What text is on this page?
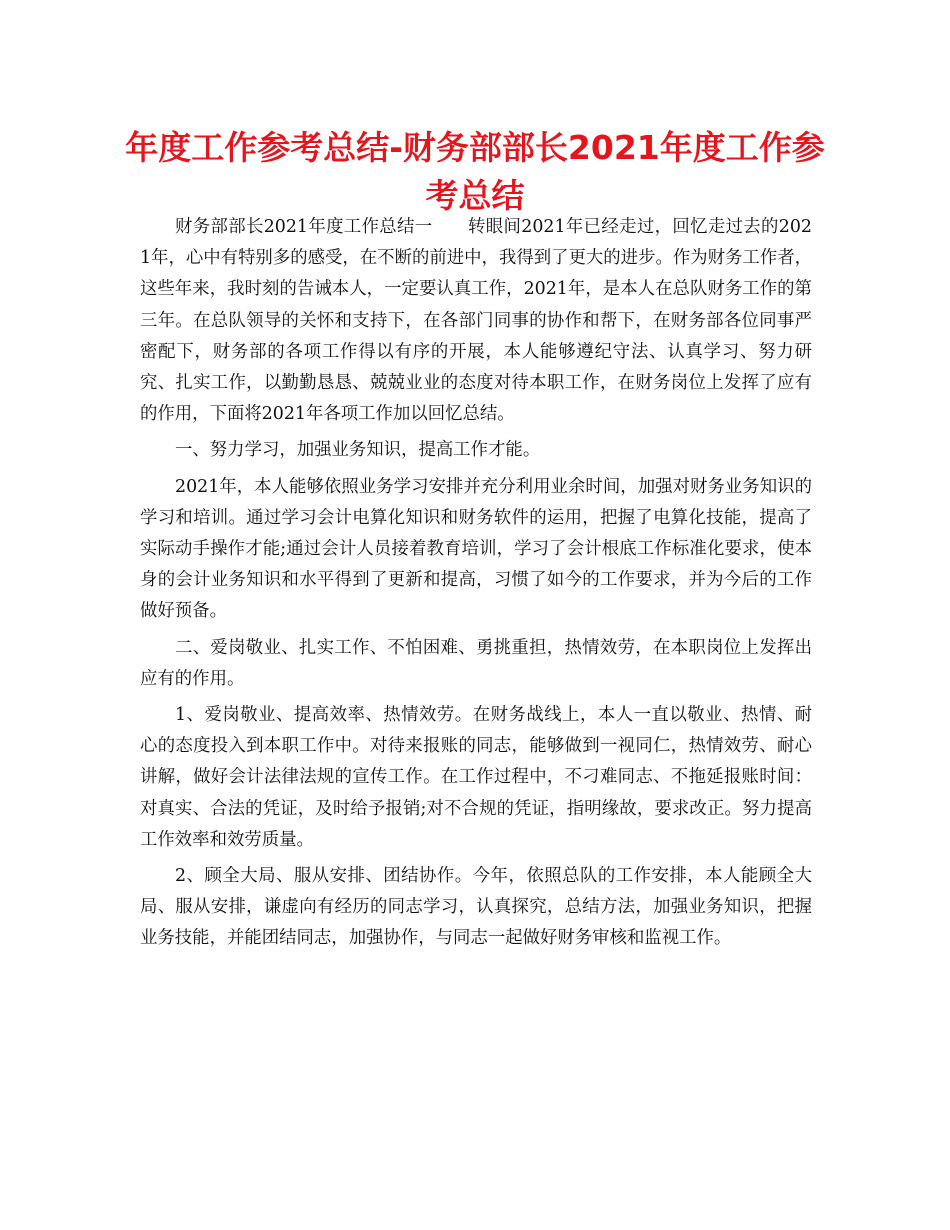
年度工作参考总结-财务部部长2021年度工作参考总结

财务部部长2021年度工作总结一　　转眼间2021年已经走过，回忆走过去的2021年，心中有特别多的感受，在不断的前进中，我得到了更大的进步。作为财务工作者，这些年来，我时刻的告诫本人，一定要认真工作，2021年，是本人在总队财务工作的第三年。在总队领导的关怀和支持下，在各部门同事的协作和帮下，在财务部各位同事严密配下，财务部的各项工作得以有序的开展，本人能够遵纪守法、认真学习、努力研究、扎实工作，以勤勤恳恳、兢兢业业的态度对待本职工作，在财务岗位上发挥了应有的作用，下面将2021年各项工作加以回忆总结。

一、努力学习，加强业务知识，提高工作才能。

2021年，本人能够依照业务学习安排并充分利用业余时间，加强对财务业务知识的学习和培训。通过学习会计电算化知识和财务软件的运用，把握了电算化技能，提高了实际动手操作才能;通过会计人员接着教育培训，学习了会计根底工作标准化要求，使本身的会计业务知识和水平得到了更新和提高，习惯了如今的工作要求，并为今后的工作做好预备。

二、爱岗敬业、扎实工作、不怕困难、勇挑重担，热情效劳，在本职岗位上发挥出应有的作用。

1、爱岗敬业、提高效率、热情效劳。在财务战线上，本人一直以敬业、热情、耐心的态度投入到本职工作中。对待来报账的同志，能够做到一视同仁，热情效劳、耐心讲解，做好会计法律法规的宣传工作。在工作过程中，不刁难同志、不拖延报账时间：对真实、合法的凭证，及时给予报销;对不合规的凭证，指明缘故，要求改正。努力提高工作效率和效劳质量。

2、顾全大局、服从安排、团结协作。今年，依照总队的工作安排，本人能顾全大局、服从安排，谦虚向有经历的同志学习，认真探究，总结方法，加强业务知识，把握业务技能，并能团结同志，加强协作，与同志一起做好财务审核和监视工作。
